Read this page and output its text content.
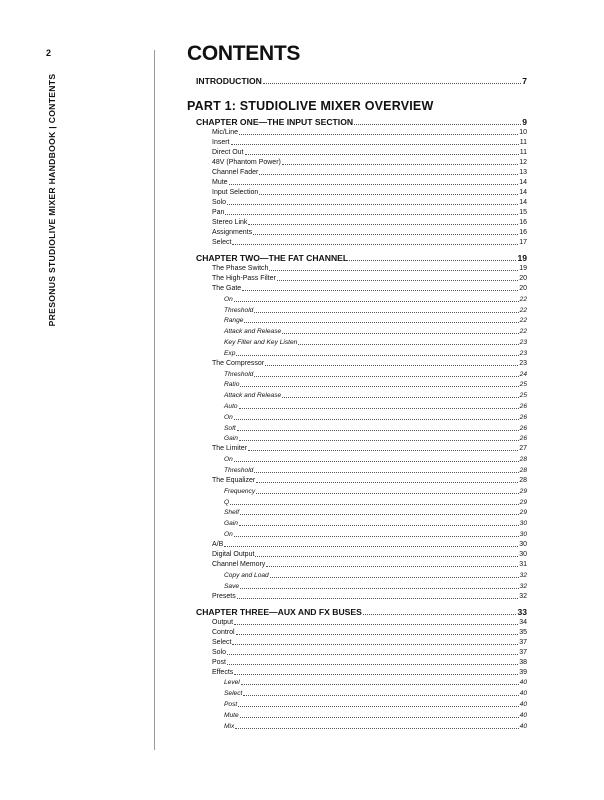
2
PRESONUS STUDIOLIVE MIXER HANDBOOK | CONTENTS
CONTENTS
INTRODUCTION	7
PART 1: STUDIOLIVE MIXER OVERVIEW
CHAPTER ONE—THE INPUT SECTION	9
Mic/Line	10
Insert	11
Direct Out	11
48V (Phantom Power)	12
Channel Fader	13
Mute	14
Input Selection	14
Solo	14
Pan	15
Stereo Link	16
Assignments	16
Select	17
CHAPTER TWO—THE FAT CHANNEL	19
The Phase Switch	19
The High-Pass Filter	20
The Gate	20
On	22
Threshold	22
Range	22
Attack and Release	22
Key Filter and Key Listen	23
Exp	23
The Compressor	23
Threshold	24
Ratio	25
Attack and Release	25
Auto	26
On	26
Soft	26
Gain	26
The Limiter	27
On	28
Threshold	28
The Equalizer	28
Frequency	29
Q	29
Shelf	29
Gain	30
On	30
A/B	30
Digital Output	30
Channel Memory	31
Copy and Load	32
Save	32
Presets	32
CHAPTER THREE—AUX AND FX BUSES	33
Output	34
Control	35
Select	37
Solo	37
Post	38
Effects	39
Level	40
Select	40
Post	40
Mute	40
Mix	40
